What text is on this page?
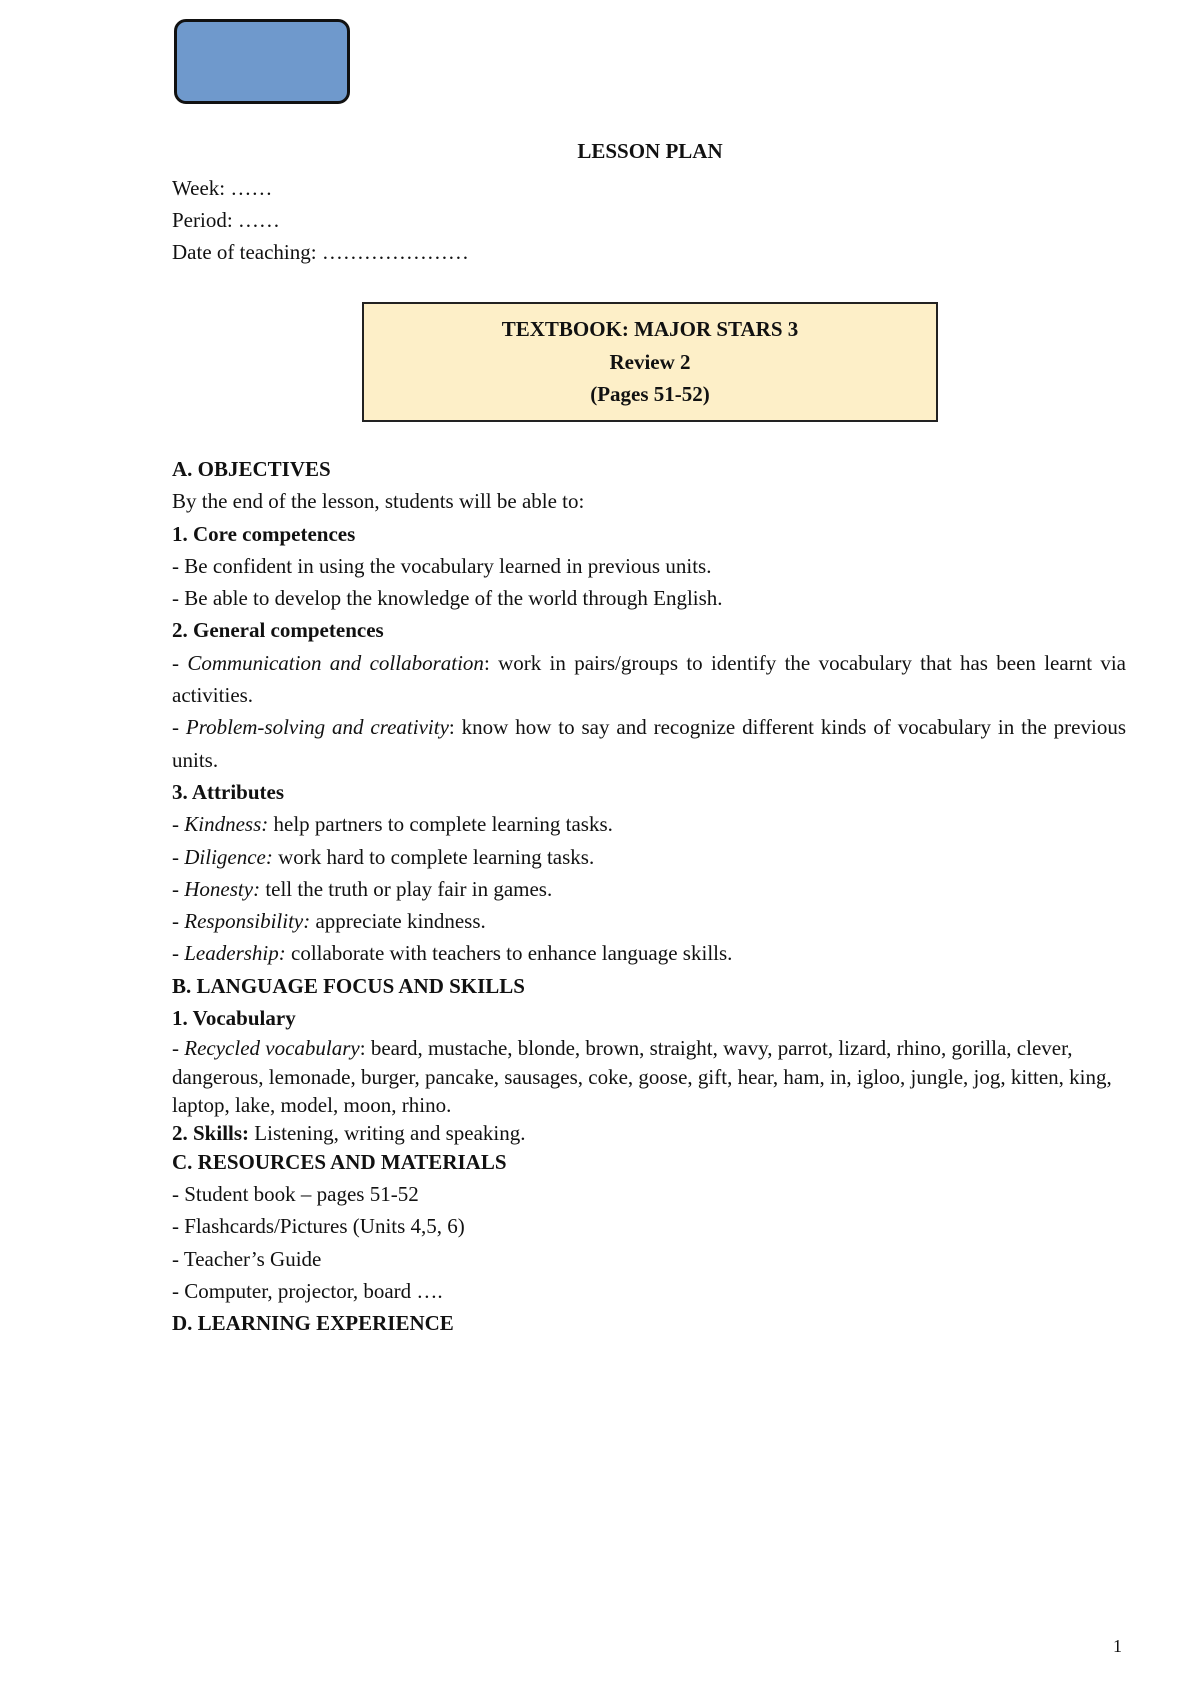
LESSON PLAN
Week: ……
Period: ……
Date of teaching: …………………
TEXTBOOK: MAJOR STARS 3
Review 2
(Pages 51-52)

A. OBJECTIVES

By the end of the lesson, students will be able to:

1. Core competences

- Be confident in using the vocabulary learned in previous units.

- Be able to develop the knowledge of the world through English.

2. General competences

- Communication and collaboration: work in pairs/groups to identify the vocabulary that has been learnt via activities.

- Problem-solving and creativity: know how to say and recognize different kinds of vocabulary in the previous units.

3. Attributes

- Kindness: help partners to complete learning tasks.

- Diligence: work hard to complete learning tasks.

- Honesty: tell the truth or play fair in games.

- Responsibility: appreciate kindness.

- Leadership: collaborate with teachers to enhance language skills.

B. LANGUAGE FOCUS AND SKILLS

1. Vocabulary

- Recycled vocabulary: beard, mustache, blonde, brown, straight, wavy, parrot, lizard, rhino, gorilla, clever, dangerous, lemonade, burger, pancake, sausages, coke, goose, gift, hear, ham, in, igloo, jungle, jog, kitten, king, laptop, lake, model, moon, rhino.

2. Skills: Listening, writing and speaking.

C. RESOURCES AND MATERIALS

- Student book – pages 51-52

- Flashcards/Pictures (Units 4,5, 6)

- Teacher’s Guide

- Computer, projector, board ….

D. LEARNING EXPERIENCE

1
